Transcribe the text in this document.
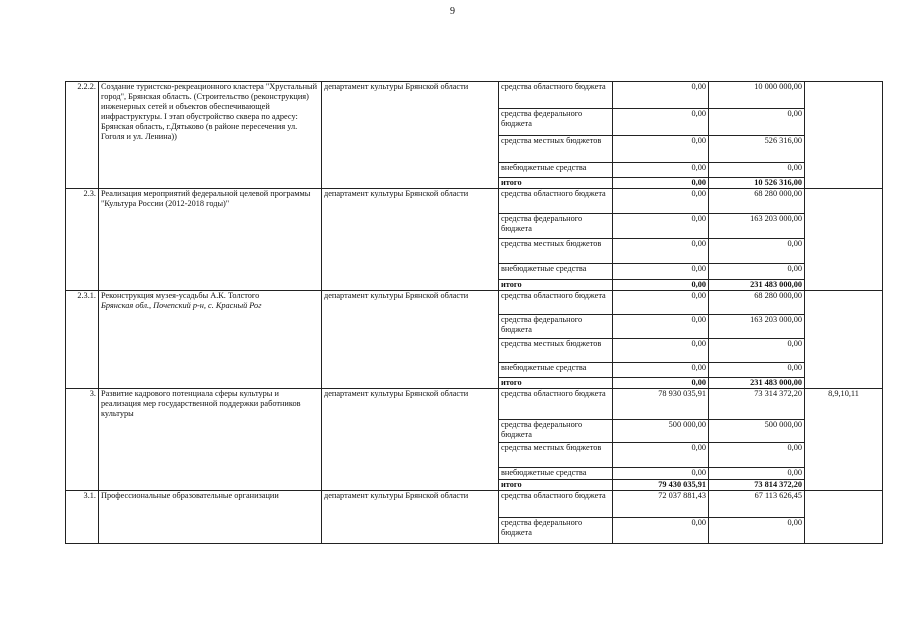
9
2.2.2.	Создание туристско-рекреационного кластера "Хрустальный город", Брянская область. (Строительство (реконструкция) инженерных сетей и объектов обеспечивающей инфраструктуры. I этап обустройство сквера по адресу: Брянская область, г.Дятьково (в районе пересечения ул. Гоголя и ул. Ленина))	департамент культуры Брянской области	средства областного бюджета	0,00	10 000 000,00	
			средства федерального бюджета	0,00	0,00	
			средства местных бюджетов	0,00	526 316,00	
			внебюджетные средства	0,00	0,00	
			итого	0,00	10 526 316,00	
2.3.	Реализация мероприятий федеральной целевой программы "Культура России (2012-2018 годы)"	департамент культуры Брянской области	средства областного бюджета	0,00	68 280 000,00	
			средства федерального бюджета	0,00	163 203 000,00	
			средства местных бюджетов	0,00	0,00	
			внебюджетные средства	0,00	0,00	
			итого	0,00	231 483 000,00	
2.3.1.	Реконструкция музея-усадьбы А.К. Толстого
Брянская обл., Почепский р-н, с. Красный Рог	департамент культуры Брянской области	средства областного бюджета	0,00	68 280 000,00	
			средства федерального бюджета	0,00	163 203 000,00	
			средства местных бюджетов	0,00	0,00	
			внебюджетные средства	0,00	0,00	
			итого	0,00	231 483 000,00	
3.	Развитие кадрового потенциала сферы культуры и реализация мер государственной поддержки работников культуры	департамент культуры Брянской области	средства областного бюджета	78 930 035,91	73 314 372,20	8,9,10,11
			средства федерального бюджета	500 000,00	500 000,00	
			средства местных бюджетов	0,00	0,00	
			внебюджетные средства	0,00	0,00	
			итого	79 430 035,91	73 814 372,20	
3.1.	Профессиональные образовательные организации	департамент культуры Брянской области	средства областного бюджета	72 037 881,43	67 113 626,45	
			средства федерального бюджета	0,00	0,00	
